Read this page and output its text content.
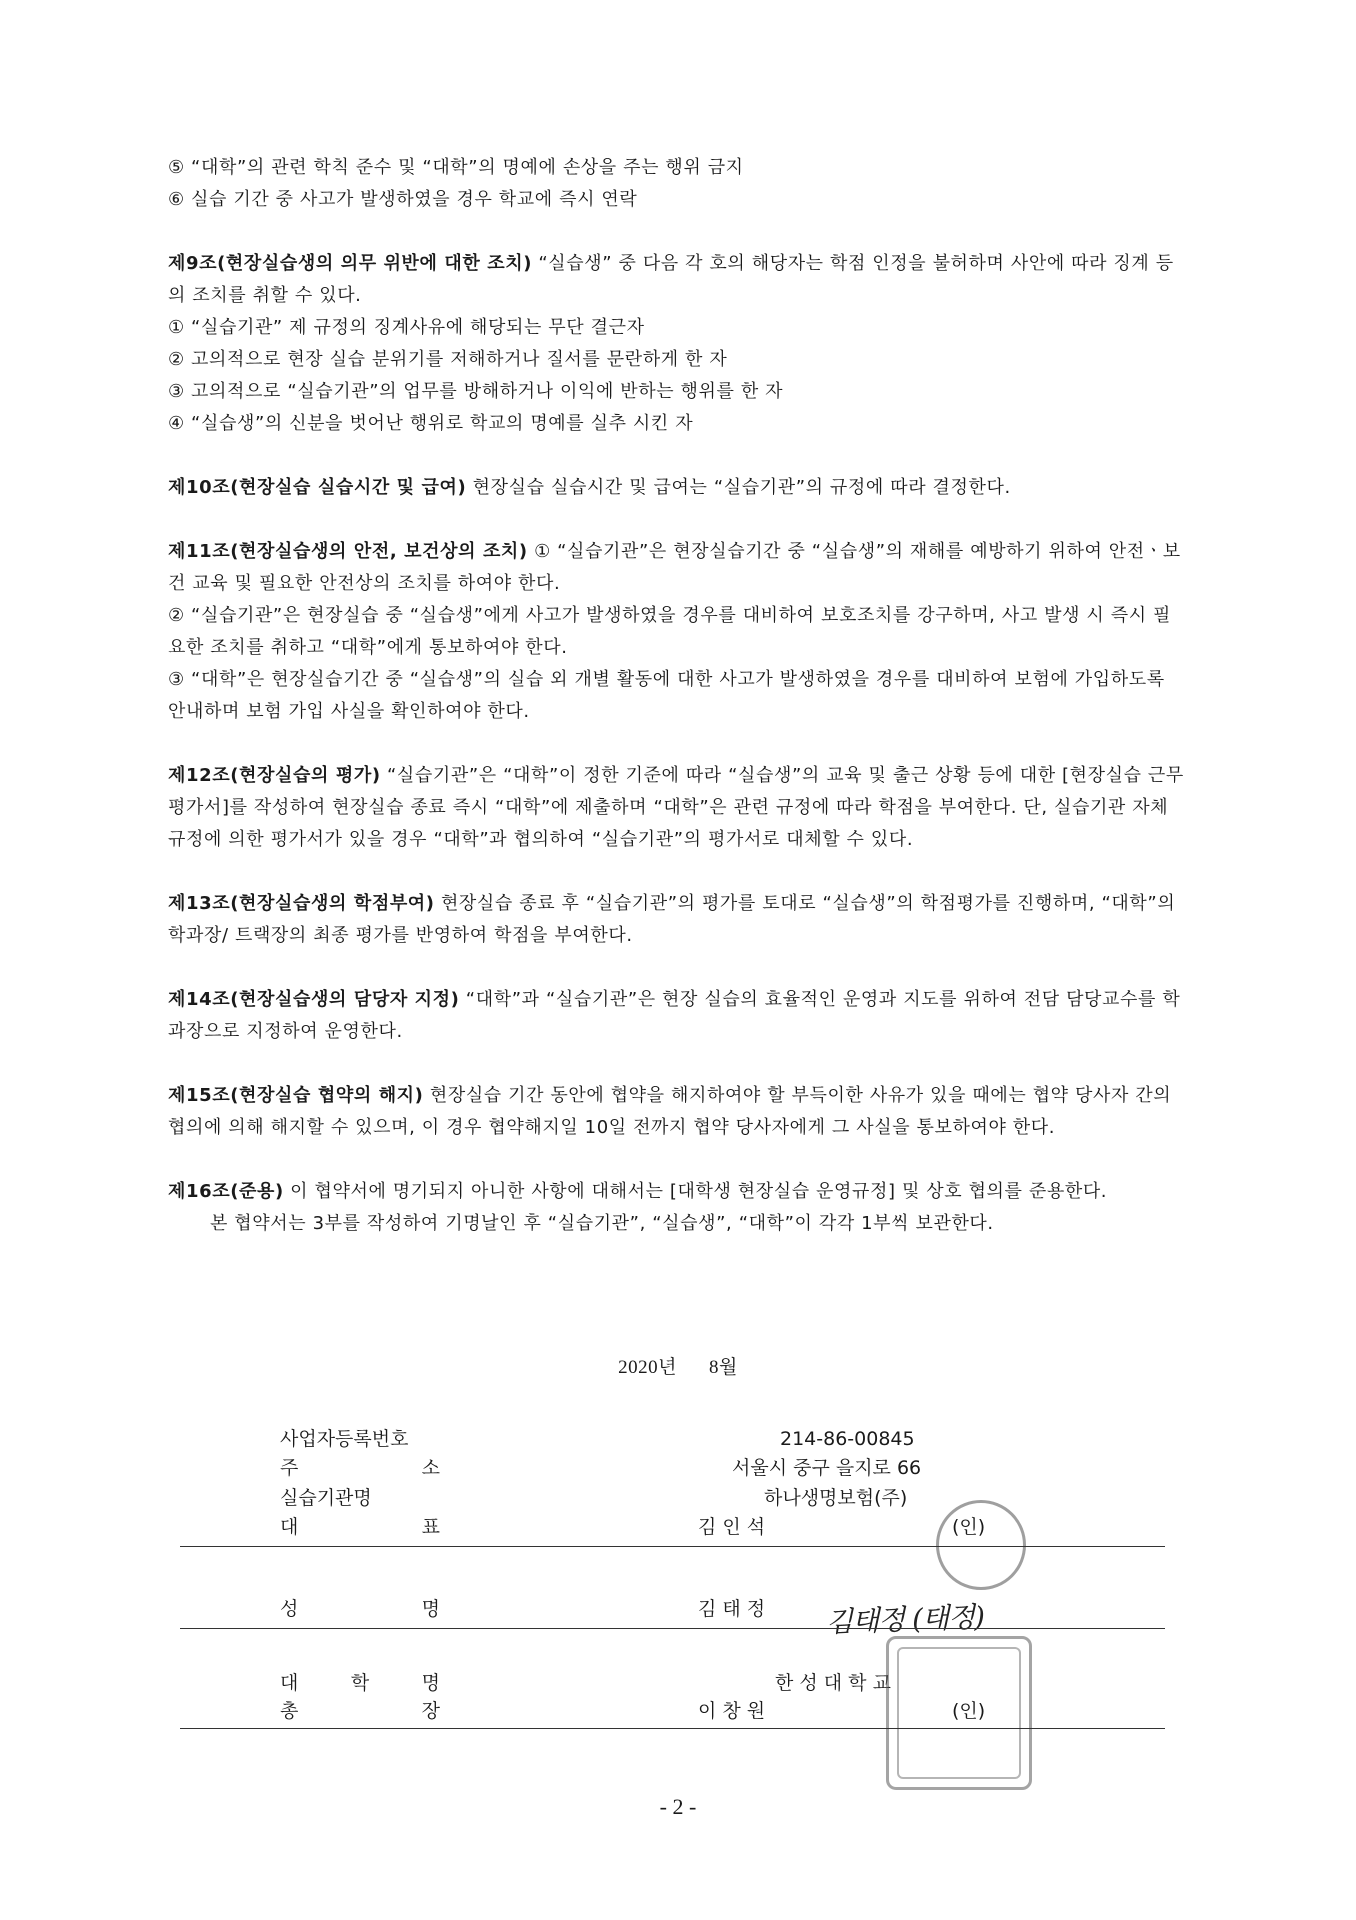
⑤ “대학”의 관련 학칙 준수 및 “대학”의 명예에 손상을 주는 행위 금지

⑥ 실습 기간 중 사고가 발생하였을 경우 학교에 즉시 연락

제9조(현장실습생의 의무 위반에 대한 조치) “실습생” 중 다음 각 호의 해당자는 학점 인정을 불허하며 사안에 따라 징계 등의 조치를 취할 수 있다.

① “실습기관” 제 규정의 징계사유에 해당되는 무단 결근자

② 고의적으로 현장 실습 분위기를 저해하거나 질서를 문란하게 한 자

③ 고의적으로 “실습기관”의 업무를 방해하거나 이익에 반하는 행위를 한 자

④ “실습생”의 신분을 벗어난 행위로 학교의 명예를 실추 시킨 자

제10조(현장실습 실습시간 및 급여) 현장실습 실습시간 및 급여는 “실습기관”의 규정에 따라 결정한다.

제11조(현장실습생의 안전, 보건상의 조치) ① “실습기관”은 현장실습기간 중 “실습생”의 재해를 예방하기 위하여 안전ㆍ보건 교육 및 필요한 안전상의 조치를 하여야 한다.

② “실습기관”은 현장실습 중 “실습생”에게 사고가 발생하였을 경우를 대비하여 보호조치를 강구하며, 사고 발생 시 즉시 필요한 조치를 취하고 “대학”에게 통보하여야 한다.

③ “대학”은 현장실습기간 중 “실습생”의 실습 외 개별 활동에 대한 사고가 발생하였을 경우를 대비하여 보험에 가입하도록 안내하며 보험 가입 사실을 확인하여야 한다.

제12조(현장실습의 평가) “실습기관”은 “대학”이 정한 기준에 따라 “실습생”의 교육 및 출근 상황 등에 대한 [현장실습 근무평가서]를 작성하여 현장실습 종료 즉시 “대학”에 제출하며 “대학”은 관련 규정에 따라 학점을 부여한다. 단, 실습기관 자체 규정에 의한 평가서가 있을 경우 “대학”과 협의하여 “실습기관”의 평가서로 대체할 수 있다.

제13조(현장실습생의 학점부여) 현장실습 종료 후 “실습기관”의 평가를 토대로 “실습생”의 학점평가를 진행하며, “대학”의 학과장/ 트랙장의 최종 평가를 반영하여 학점을 부여한다.

제14조(현장실습생의 담당자 지정) “대학”과 “실습기관”은 현장 실습의 효율적인 운영과 지도를 위하여 전담 담당교수를 학과장으로 지정하여 운영한다.

제15조(현장실습 협약의 해지) 현장실습 기간 동안에 협약을 해지하여야 할 부득이한 사유가 있을 때에는 협약 당사자 간의 협의에 의해 해지할 수 있으며, 이 경우 협약해지일 10일 전까지 협약 당사자에게 그 사실을 통보하여야 한다.

제16조(준용) 이 협약서에 명기되지 아니한 사항에 대해서는 [대학생 현장실습 운영규정] 및 상호 협의를 준용한다.

본 협약서는 3부를 작성하여 기명날인 후 “실습기관”, “실습생”, “대학”이 각각 1부씩 보관한다.

2020년 8월
사업자등록번호	214-86-00845
주 소	서울시 중구 을지로 66
실습기관명	하나생명보험(주)
대 표	김 인 석	(인)
성 명	김 태 정 김태정 (태정)
대 학 명	한 성 대 학 교
총 장	이 창 원	(인)
- 2 -
